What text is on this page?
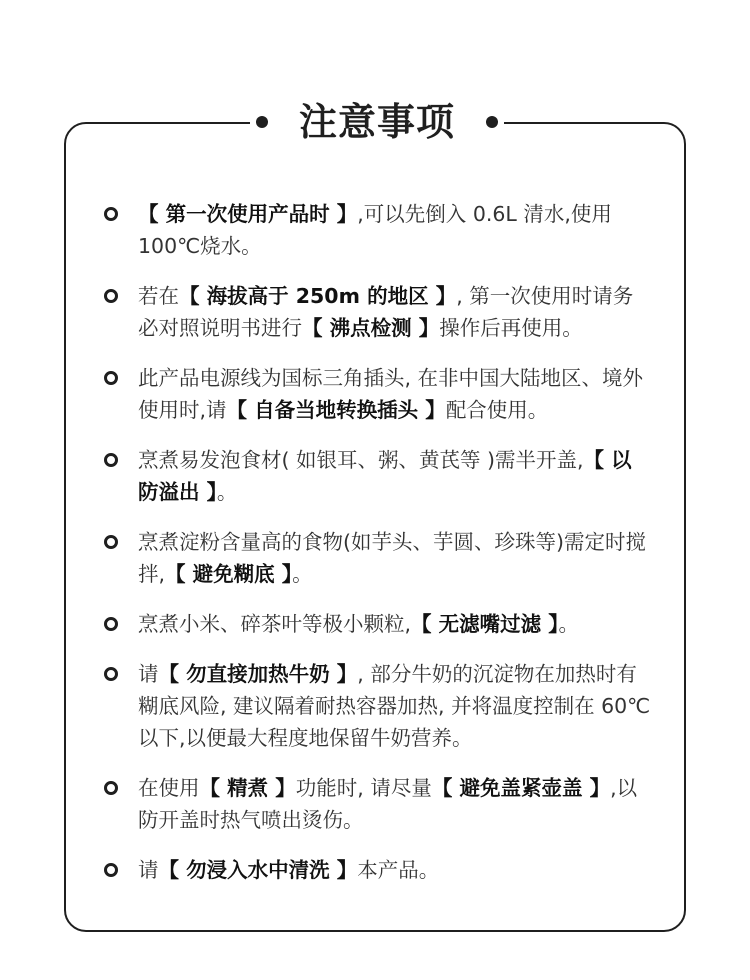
注意事项
【 第一次使用产品时 】,可以先倒入 0.6L 清水,使用100℃烧水。
若在【 海拔高于 250m 的地区 】, 第一次使用时请务必对照说明书进行【 沸点检测 】操作后再使用。
此产品电源线为国标三角插头, 在非中国大陆地区、境外使用时,请【 自备当地转换插头 】配合使用。
烹煮易发泡食材( 如银耳、粥、黄芪等 )需半开盖,【 以防溢出 】。
烹煮淀粉含量高的食物(如芋头、芋圆、珍珠等)需定时搅拌,【 避免糊底 】。
烹煮小米、碎茶叶等极小颗粒,【 无滤嘴过滤 】。
请【 勿直接加热牛奶 】, 部分牛奶的沉淀物在加热时有糊底风险, 建议隔着耐热容器加热, 并将温度控制在 60℃以下,以便最大程度地保留牛奶营养。
在使用【 精煮 】功能时, 请尽量【 避免盖紧壶盖 】,以防开盖时热气喷出烫伤。
请【 勿浸入水中清洗 】本产品。
